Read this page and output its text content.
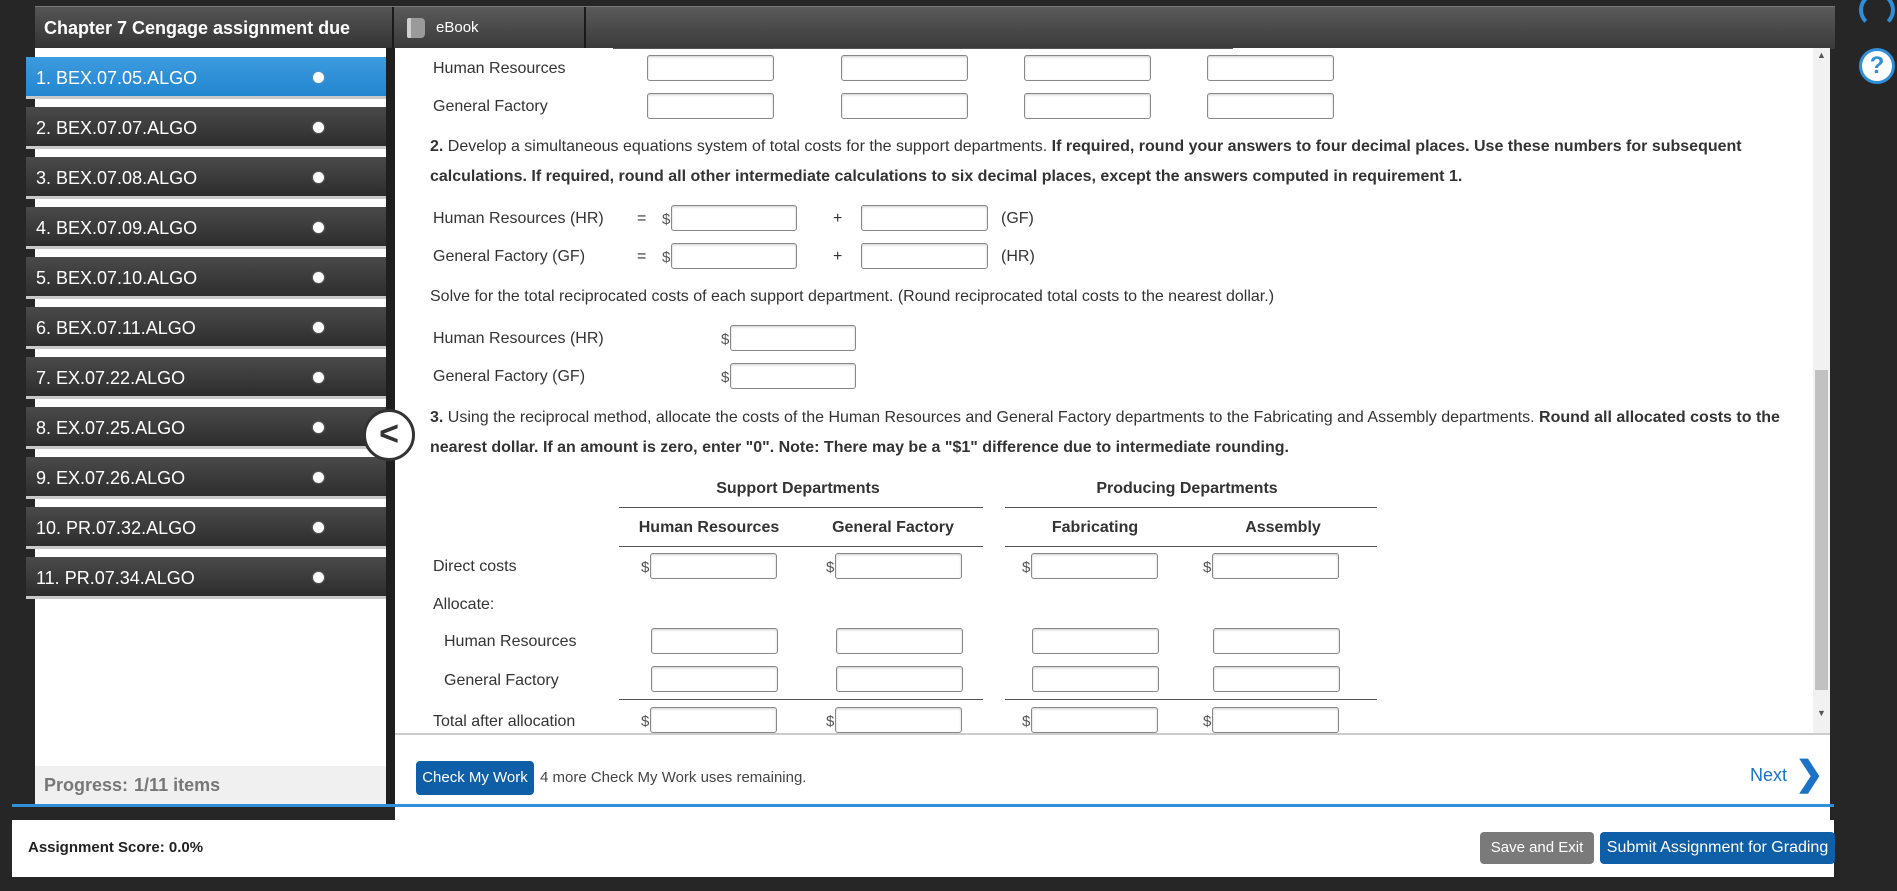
Chapter 7 Cengage assignment due	eBook
?
1. BEX.07.05.ALGO
2. BEX.07.07.ALGO
3. BEX.07.08.ALGO
4. BEX.07.09.ALGO
5. BEX.07.10.ALGO
6. BEX.07.11.ALGO
7. EX.07.22.ALGO
8. EX.07.25.ALGO
9. EX.07.26.ALGO
10. PR.07.32.ALGO
11. PR.07.34.ALGO
Progress: 1/11 items
Human Resources
General Factory
2. Develop a simultaneous equations system of total costs for the support departments. If required, round your answers to four decimal places. Use these numbers for subsequent calculations. If required, round all other intermediate calculations to six decimal places, except the answers computed in requirement 1.
Human Resources (HR) = $	+	(GF)
General Factory (GF)	= $	+	(HR)
Solve for the total reciprocated costs of each support department. (Round reciprocated total costs to the nearest dollar.)
Human Resources (HR)	$
General Factory (GF)	$
3. Using the reciprocal method, allocate the costs of the Human Resources and General Factory departments to the Fabricating and Assembly departments. Round all allocated costs to the nearest dollar. If an amount is zero, enter "0". Note: There may be a "$1" difference due to intermediate rounding.
Support Departments	Producing Departments
Human Resources	General Factory	Fabricating	Assembly
Direct costs	$	$	$	$
Allocate:
Human Resources
General Factory
Total after allocation	$	$	$	$
▲
▼
Check My Work 4 more Check My Work uses remaining.	Next ❯
<
Assignment Score: 0.0%	Save and Exit	Submit Assignment for Grading
